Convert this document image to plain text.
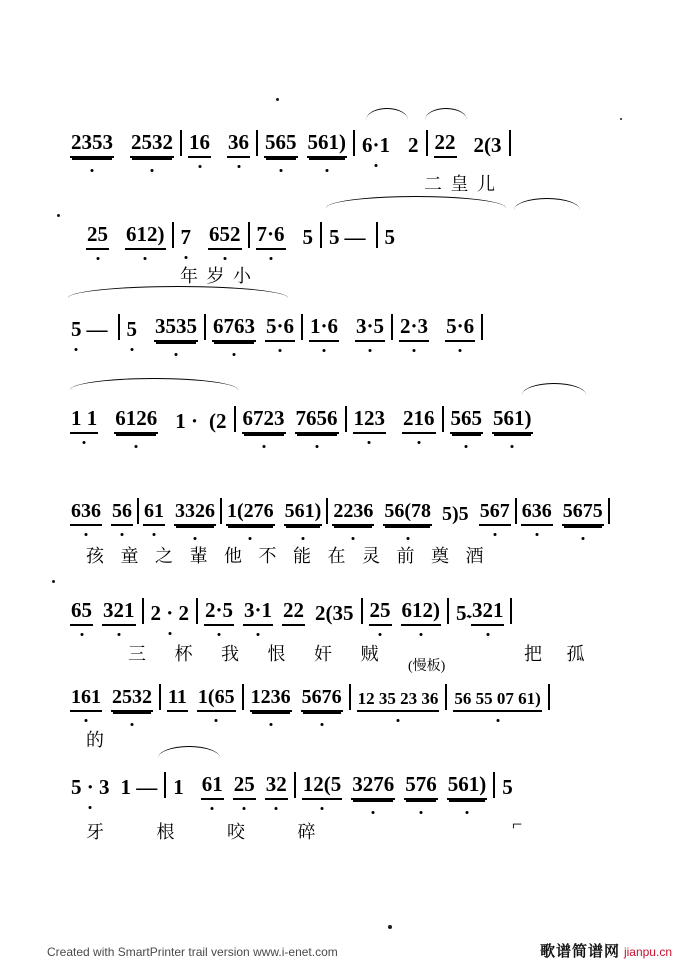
2353 2532 16 36 565 561) 6·1 2 22 2(3
二 皇 儿
25 612) 7 652 7·6 5 5 — 5
年 岁 小
5 — 5 3535 6763 5·6 1·6 3·5 2·3 5·6
1 1 6126 1 · (2 6723 7656 123 216 565 561)
636 56 61 3326 1(276 561) 2236 56(78 5)5 567 636 5675
孩 童 之 輩 他 不 能 在 灵 前 奠 酒
65 321 2 · 2 2·5 3·1 22 2(35 25 612) 5 𝆝 321
三 杯 我 恨 奸 贼	把 孤
(慢板)
161 2532 11 1(65 1236 5676 12 35 23 36 56 55 07 61)
的
5 · 3 1 — 1 61 25 32 12(5 3276 576 561) 5
牙 根 咬 碎	⌐
Created with SmartPrinter trail version www.i-enet.com	歌谱简谱网 jianpu.cn
